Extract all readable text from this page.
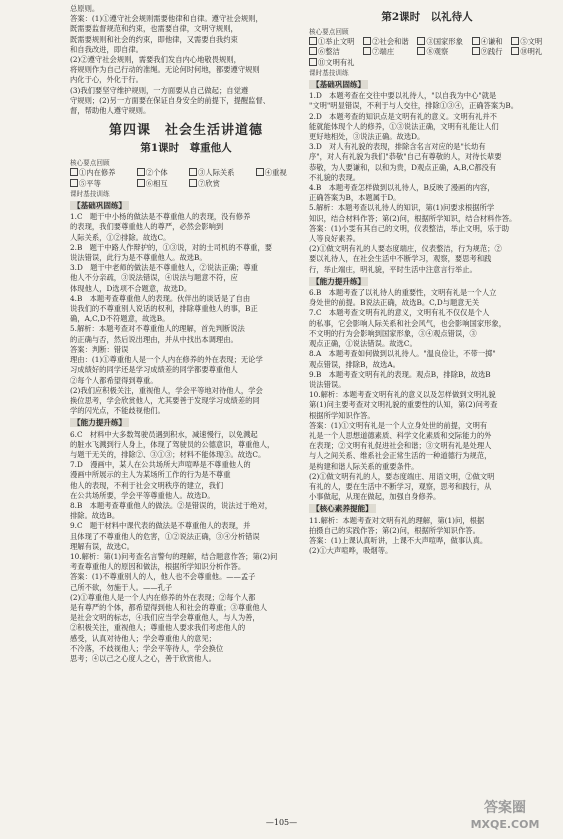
总原则。

答案：(1)①遵守社会规则需要他律和自律。遵守社会规则，

既需要监督规范和约束，也需要自律，文明守规则，

既需要规则和社会的约束，即他律，又需要自我约束

和自我改进，即自律。

(2)②遵守社会规则，需要我们发自内心地敬畏规则，

将规则作为自己行动的准绳。无论何时何地，都要遵守规则

内化于心，外化于行。

(3)我们要坚守维护规则，一方面要从自己做起；自觉遵

守规则；(2)另一方面要在保证自身安全的前提下，提醒监督、

督，帮助他人遵守规则。

第四课　社会生活讲道德
第1课时　尊重他人

核心要点回顾

①内在修养	②个体	③人际关系	④重视
⑤平等	⑥相互	⑦欣赏

课时基技训练

【基础巩固练】

1.C　题干中小杨的做法是不尊重他人的表现，没有修养

的表现，我们要尊重他人的尊严，必然会影响到

人际关系，①②排除。故选C。

2.B　题干中路人作辩护的，①③说，对的士司机的不尊重，要

说法错误，此行为是不尊重他人。故选B。

3.D　题干中老师的做法是不尊重他人，②说法正确；尊重

他人不分亲疏，③说法错误，④说法与题意不符，应

体现他人，D选项不合题意，故选D。

4.B　本题考查尊重他人的表现。伙伴出的谈话是了自由

说我们的不尊重别人说话的权利，排除尊重他人的事，B正

确，A,C,D不符题意，故选B。

5.解析：本题考查对不尊重他人的理解，首先判断说法

的正确与否，然后说出理由，并从中找出本调理由。

答案：判断：错误

理由：(1)①尊重他人是一个人内在修养的外在表现；无论学

习成绩好的同学还是学习成绩差的同学都要尊重他人

②每个人都希望得到尊重。

(2)我们应积极关注，重视他人，学会平等地对待他人，学会

换位思考，学会欣赏他人，尤其要善于发现学习成绩差的同

学的闪光点，不能歧视他们。

【能力提升练】

6.C　材料中大多数驾驶员遇到积水，减速慢行，以免溅起

的脏水飞溅到行人身上，体现了驾驶员的公德意识，尊重他人，

与题干无关的，排除②、③①③；材料不能体现③。故选C。

7.D　漫画中，某人在公共场所大声喧哗是不尊重他人的

漫画中所展示的主人为某场所工作的行为是不尊重

他人的表现，不利于社会文明秩序的建立，我们

在公共场所要，学会平等尊重他人。故选D。

8.B　本题考查尊重他人的做法。②是错误的，说法过于绝对，

排除。故选B。

9.C　题干材料中课代表的做法是不尊重他人的表现，并

且体现了不尊重他人的危害，①②说法正确，③④分析错误

理解有误，故选C。

10.解析：第(1)问考查名言警句的理解，结合题意作答；第(2)问

考查尊重他人的原因和做法，根据所学知识分析作答。

答案：(1)不尊重别人的人，他人也不会尊重他。——孟子

己所不欲，勿施于人。——孔子

(2)①尊重他人是一个人内在修养的外在表现；②每个人都

是有尊严的个体，都希望得到他人和社会的尊重；③尊重他人

是社会文明的标志，④我们应当学会尊重他人，与人为善，

②积极关注，重视他人；尊重他人要求我们考虑他人的

感受，认真对待他人；学会尊重他人的意见；

不冷落，不歧视他人；学会平等待人，学会换位

思考；④以己之心度人之心，善于欣赏他人。

第2课时　以礼待人

核心要点回顾

①举止文明	②社会和谐	③国家形象	④谦和	⑤文明
⑥整洁	⑦端庄	⑧观察	⑨践行	⑩明礼
⑪文明有礼

课时基技训练

【基础巩固练】

1.D　本题考查在交往中要以礼待人，"以自我为中心"就是

"文明"明显错误，不利于与人交往，排除①③④，正确答案为B。

2.D　本题考查的知识点是文明有礼的意义。文明有礼并不

能就能体现个人的修养，①③说法正确，文明有礼能让人们

更好地相处，③说法正确。故选D。

3.D　对人有礼貌的表现，排除含名言对应的是"长幼有

序"，对人有礼貌为我们"恭敬"自己有尊敬的人，对待长辈要

恭敬，为人要谦和，以和为贵，D观点正确，A,B,C都没有

不礼貌的表现。

4.B　本题考查怎样做到以礼待人，B反映了漫画的内容，

正确答案为B，本题属于D。

5.解析：本题考查以礼待人的知识，第(1)问要求根据所学

知识，结合材料作答；第(2)问，根据所学知识，结合材料作答。

答案：(1)小雯有其自己的文明，仪表整洁，举止文明，乐于助

人等良好素养。

(2)①做文明有礼的人要态度端庄，仪表整洁，行为规范；②

要以礼待人，在社会生活中不断学习，观察，要思考和践

行，举止端庄，明礼貌，平时生活中注意言行举止。

【能力提升练】

6.B　本题考查了以礼待人的重要性，文明有礼是一个人立

身处世的前提。B说法正确，故选B。C,D与题意无关

7.C　本题考查文明有礼的意义，文明有礼不仅仅是个人

的私事，它会影响人际关系和社会风气，也会影响国家形象，

不文明的行为会影响到国家形象，③④观点错误，③

观点正确，①说法错误。故选C。

8.A　本题考查如何做到以礼待人。"温良俭让，不带一掷"

观点错误，排除B，故选A。

9.B　本题考查文明有礼的表现。观点B，排除B，故选B

说法错误。

10.解析：本题考查文明有礼的意义以及怎样做到文明礼貌

第(1)问主要考查对文明礼貌的重要性的认知，第(2)问考查

根据所学知识作答。

答案：(1)①文明有礼是一个人立身处世的前提，文明有

礼是一个人思想道德素质、科学文化素质和交际能力的外

在表现；②文明有礼促进社会和谐；③文明有礼是处理人

与人之间关系、维系社会正常生活的一种道德行为规范，

是构建和谐人际关系的重要条件。

(2)①做文明有礼的人，要态度端庄、用语文明，②做文明

有礼的人，要在生活中不断学习，观察，思考和践行，从

小事做起，从现在做起，加强自身修养。

【核心素养提能】

11.解析：本题考查对文明有礼的理解，第(1)问，根据

拍摄自己的实践作答；第(2)问，根据所学知识作答。

答案：(1)上课认真听讲，上课不大声喧哗，做事认真。

(2)①大声喧哗，吸烟等。

—105—
答案圈
MXQE.COM
